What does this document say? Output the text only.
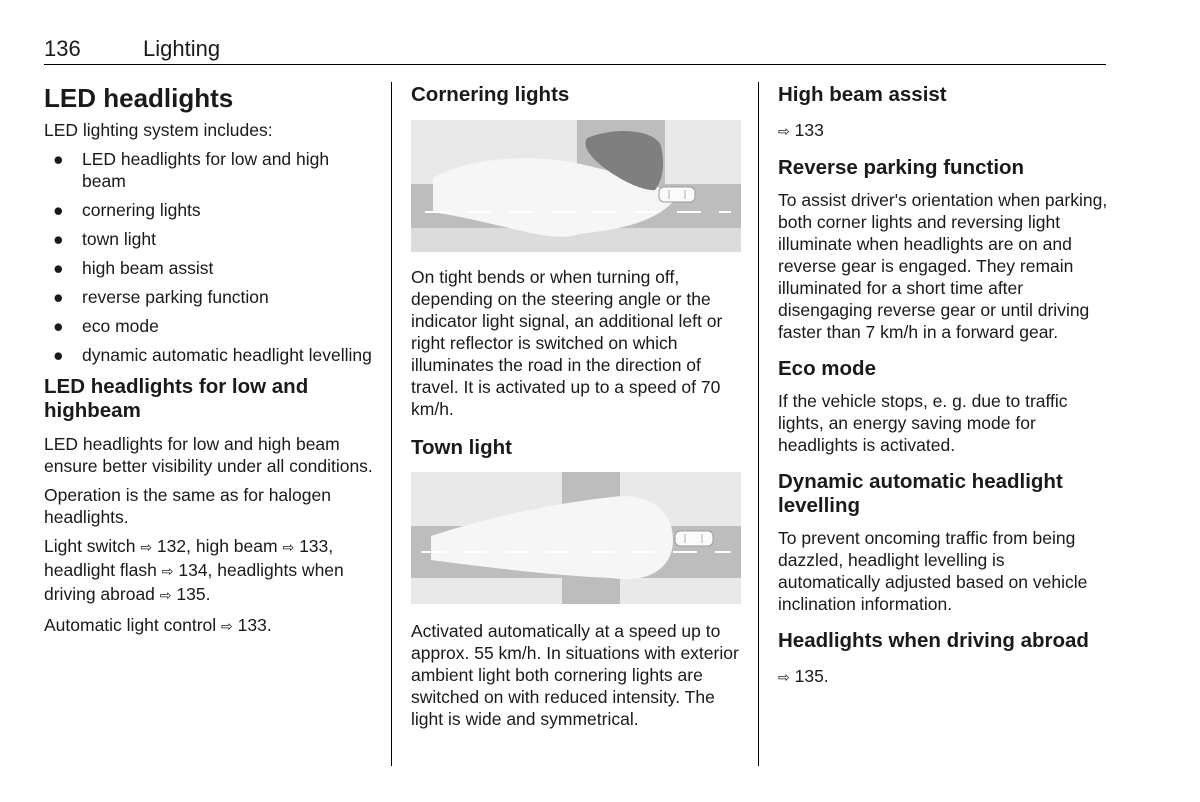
136	Lighting
LED headlights

LED lighting system includes:

● LED headlights for low and high beam
● cornering lights
● town light
● high beam assist
● reverse parking function
● eco mode
● dynamic automatic headlight levelling
LED headlights for low and highbeam

LED headlights for low and high beam ensure better visibility under all conditions.

Operation is the same as for halogen headlights.

Light switch ⇨ 132, high beam ⇨ 133, headlight flash ⇨ 134, headlights when driving abroad ⇨ 135.

Automatic light control ⇨ 133.

Cornering lights

On tight bends or when turning off, depending on the steering angle or the indicator light signal, an additional left or right reflector is switched on which illuminates the road in the direction of travel. It is activated up to a speed of 70 km/h.

Town light

Activated automatically at a speed up to approx. 55 km/h. In situations with exterior ambient light both cornering lights are switched on with reduced intensity. The light is wide and symmetrical.

High beam assist

⇨ 133

Reverse parking function

To assist driver's orientation when parking, both corner lights and reversing light illuminate when headlights are on and reverse gear is engaged. They remain illuminated for a short time after disengaging reverse gear or until driving faster than 7 km/h in a forward gear.

Eco mode

If the vehicle stops, e. g. due to traffic lights, an energy saving mode for headlights is activated.

Dynamic automatic headlight levelling

To prevent oncoming traffic from being dazzled, headlight levelling is automatically adjusted based on vehicle inclination information.

Headlights when driving abroad

⇨ 135.
